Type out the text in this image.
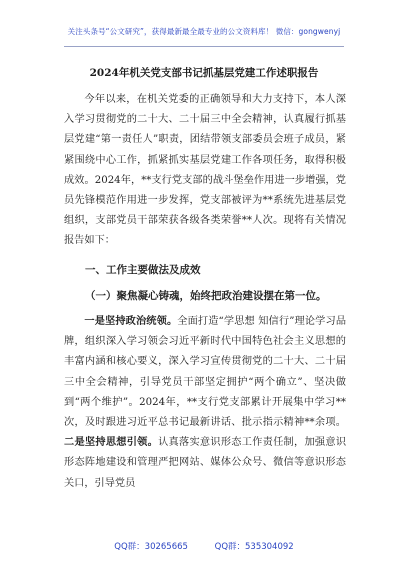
关注头条号“公文研究”，获得最新最全最专业的公文资料库！ 微信：gongwenyj
2024年机关党支部书记抓基层党建工作述职报告

今年以来，在机关党委的正确领导和大力支持下，本人深入学习贯彻党的二十大、二十届三中全会精神，认真履行抓基层党建“第一责任人”职责，团结带领支部委员会班子成员，紧紧围绕中心工作，抓紧抓实基层党建工作各项任务，取得积极成效。2024年，**支行党支部的战斗堡垒作用进一步增强，党员先锋模范作用进一步发挥，党支部被评为**系统先进基层党组织，支部党员干部荣获各级各类荣誉**人次。现将有关情况报告如下：

一、工作主要做法及成效

（一）聚焦凝心铸魂，始终把政治建设摆在第一位。

一是坚持政治统领。全面打造“学思想 知信行”理论学习品牌，组织深入学习领会习近平新时代中国特色社会主义思想的丰富内涵和核心要义，深入学习宣传贯彻党的二十大、二十届三中全会精神，引导党员干部坚定拥护“两个确立”、坚决做到“两个维护”。2024年，**支行党支部累计开展集中学习**次，及时跟进习近平总书记最新讲话、批示指示精神**余项。二是坚持思想引领。认真落实意识形态工作责任制，加强意识形态阵地建设和管理严把网站、媒体公众号、微信等意识形态关口，引导党员

QQ群：30265665	QQ群：535304092
